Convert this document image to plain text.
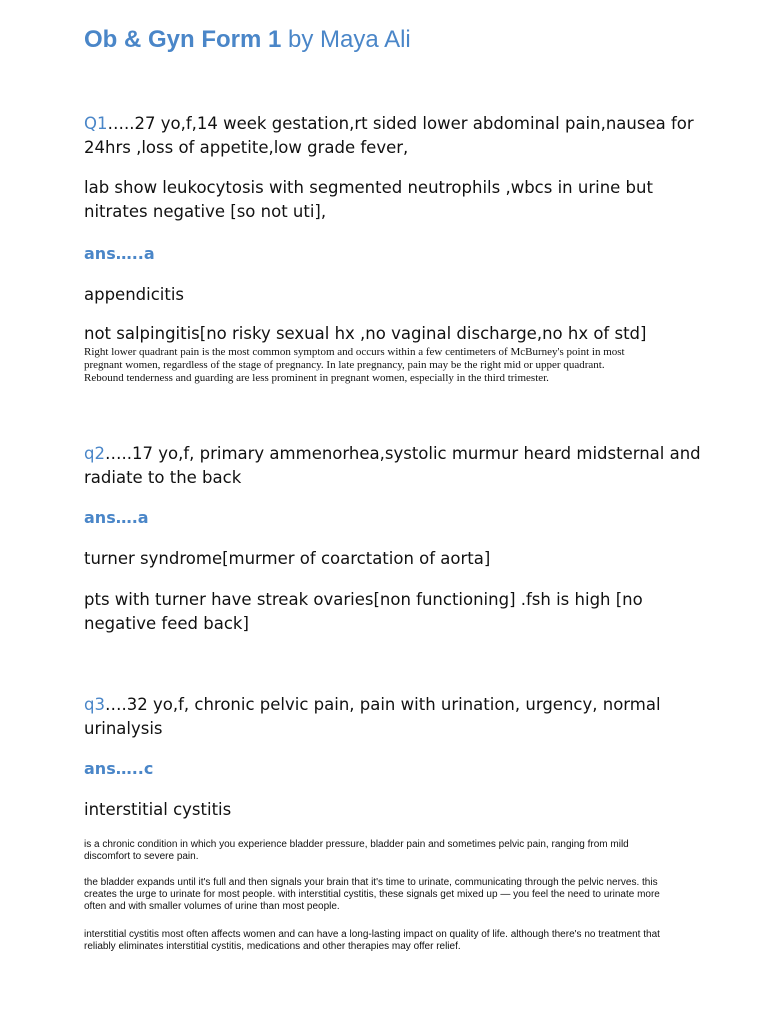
Ob & Gyn Form 1 by Maya Ali
Q1…..27 yo,f,14 week gestation,rt sided lower abdominal pain,nausea for 24hrs ,loss of appetite,low grade fever,
lab show leukocytosis with segmented neutrophils ,wbcs in urine but nitrates negative [so not uti],
ans…..a
appendicitis
not salpingitis[no risky sexual hx ,no vaginal discharge,no hx of std]
Right lower quadrant pain is the most common symptom and occurs within a few centimeters of McBurney's point in most pregnant women, regardless of the stage of pregnancy. In late pregnancy, pain may be the right mid or upper quadrant. Rebound tenderness and guarding are less prominent in pregnant women, especially in the third trimester.
q2…..17 yo,f, primary ammenorhea,systolic murmur heard midsternal and radiate to the back
ans….a
turner syndrome[murmer of coarctation of aorta]
pts with turner have streak ovaries[non functioning] .fsh is high [no negative feed back]
q3….32 yo,f, chronic pelvic pain, pain with urination, urgency, normal urinalysis
ans…..c
interstitial cystitis
is a chronic condition in which you experience bladder pressure, bladder pain and sometimes pelvic pain, ranging from mild discomfort to severe pain.
the bladder expands until it's full and then signals your brain that it's time to urinate, communicating through the pelvic nerves. this creates the urge to urinate for most people. with interstitial cystitis, these signals get mixed up — you feel the need to urinate more often and with smaller volumes of urine than most people.
interstitial cystitis most often affects women and can have a long-lasting impact on quality of life. although there's no treatment that reliably eliminates interstitial cystitis, medications and other therapies may offer relief.
